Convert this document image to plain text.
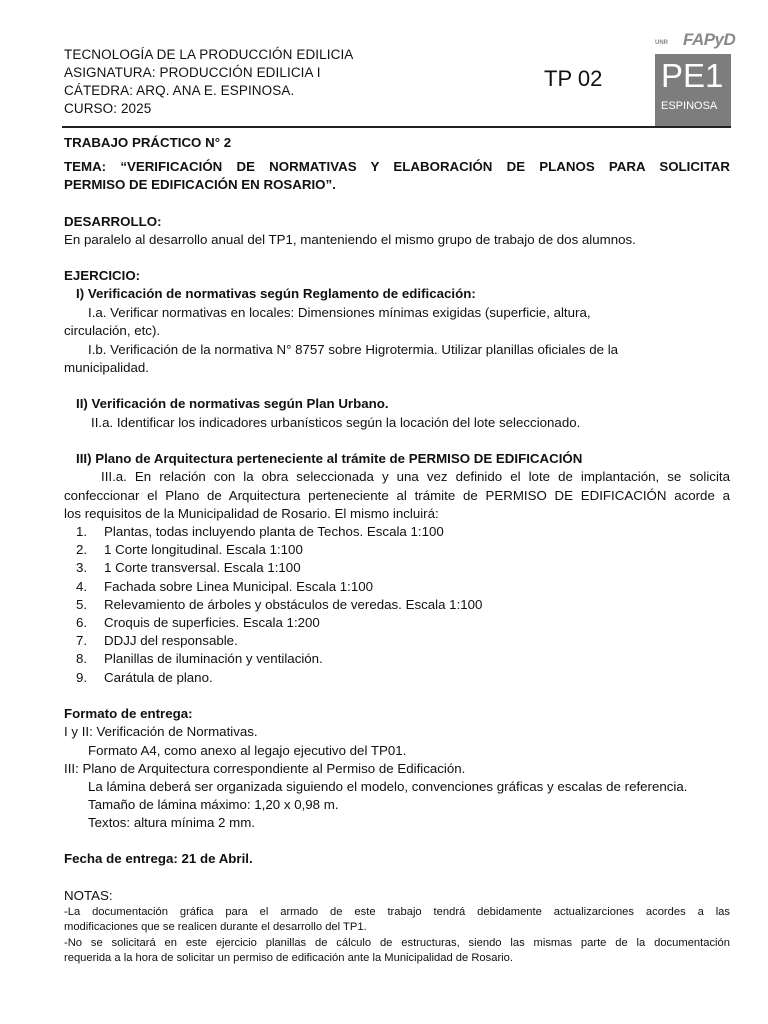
TECNOLOGÍA DE LA PRODUCCIÓN EDILICIA
ASIGNATURA: PRODUCCIÓN EDILICIA I
CÁTEDRA: ARQ. ANA E. ESPINOSA.
CURSO: 2025
TP 02
UNR FAPyD
PE1
ESPINOSA
TRABAJO PRÁCTICO N° 2
TEMA: “VERIFICACIÓN DE NORMATIVAS Y ELABORACIÓN DE PLANOS PARA SOLICITAR
PERMISO DE EDIFICACIÓN EN ROSARIO”.
DESARROLLO:
En paralelo al desarrollo anual del TP1, manteniendo el mismo grupo de trabajo de dos alumnos.
EJERCICIO:
I) Verificación de normativas según Reglamento de edificación:
I.a. Verificar normativas en locales: Dimensiones mínimas exigidas (superficie, altura,
circulación, etc).
I.b. Verificación de la normativa N° 8757 sobre Higrotermia. Utilizar planillas oficiales de la
municipalidad.
II) Verificación de normativas según Plan Urbano.
II.a. Identificar los indicadores urbanísticos según la locación del lote seleccionado.
III) Plano de Arquitectura perteneciente al trámite de PERMISO DE EDIFICACIÓN
III.a. En relación con la obra seleccionada y una vez definido el lote de implantación, se solicita
confeccionar el Plano de Arquitectura perteneciente al trámite de PERMISO DE EDIFICACIÓN acorde a
los requisitos de la Municipalidad de Rosario. El mismo incluirá:
1. Plantas, todas incluyendo planta de Techos. Escala 1:100
2. 1 Corte longitudinal. Escala 1:100
3. 1 Corte transversal. Escala 1:100
4. Fachada sobre Linea Municipal. Escala 1:100
5. Relevamiento de árboles y obstáculos de veredas. Escala 1:100
6. Croquis de superficies. Escala 1:200
7. DDJJ del responsable.
8. Planillas de iluminación y ventilación.
9. Carátula de plano.
Formato de entrega:
I y II: Verificación de Normativas.
Formato A4, como anexo al legajo ejecutivo del TP01.
III: Plano de Arquitectura correspondiente al Permiso de Edificación.
La lámina deberá ser organizada siguiendo el modelo, convenciones gráficas y escalas de referencia.
Tamaño de lámina máximo: 1,20 x 0,98 m.
Textos: altura mínima 2 mm.
Fecha de entrega: 21 de Abril.
NOTAS:
-La documentación gráfica para el armado de este trabajo tendrá debidamente actualizarciones acordes a las
modificaciones que se realicen durante el desarrollo del TP1.
-No se solicitará en este ejercicio planillas de cálculo de estructuras, siendo las mismas parte de la documentación
requerida a la hora de solicitar un permiso de edificación ante la Municipalidad de Rosario.
